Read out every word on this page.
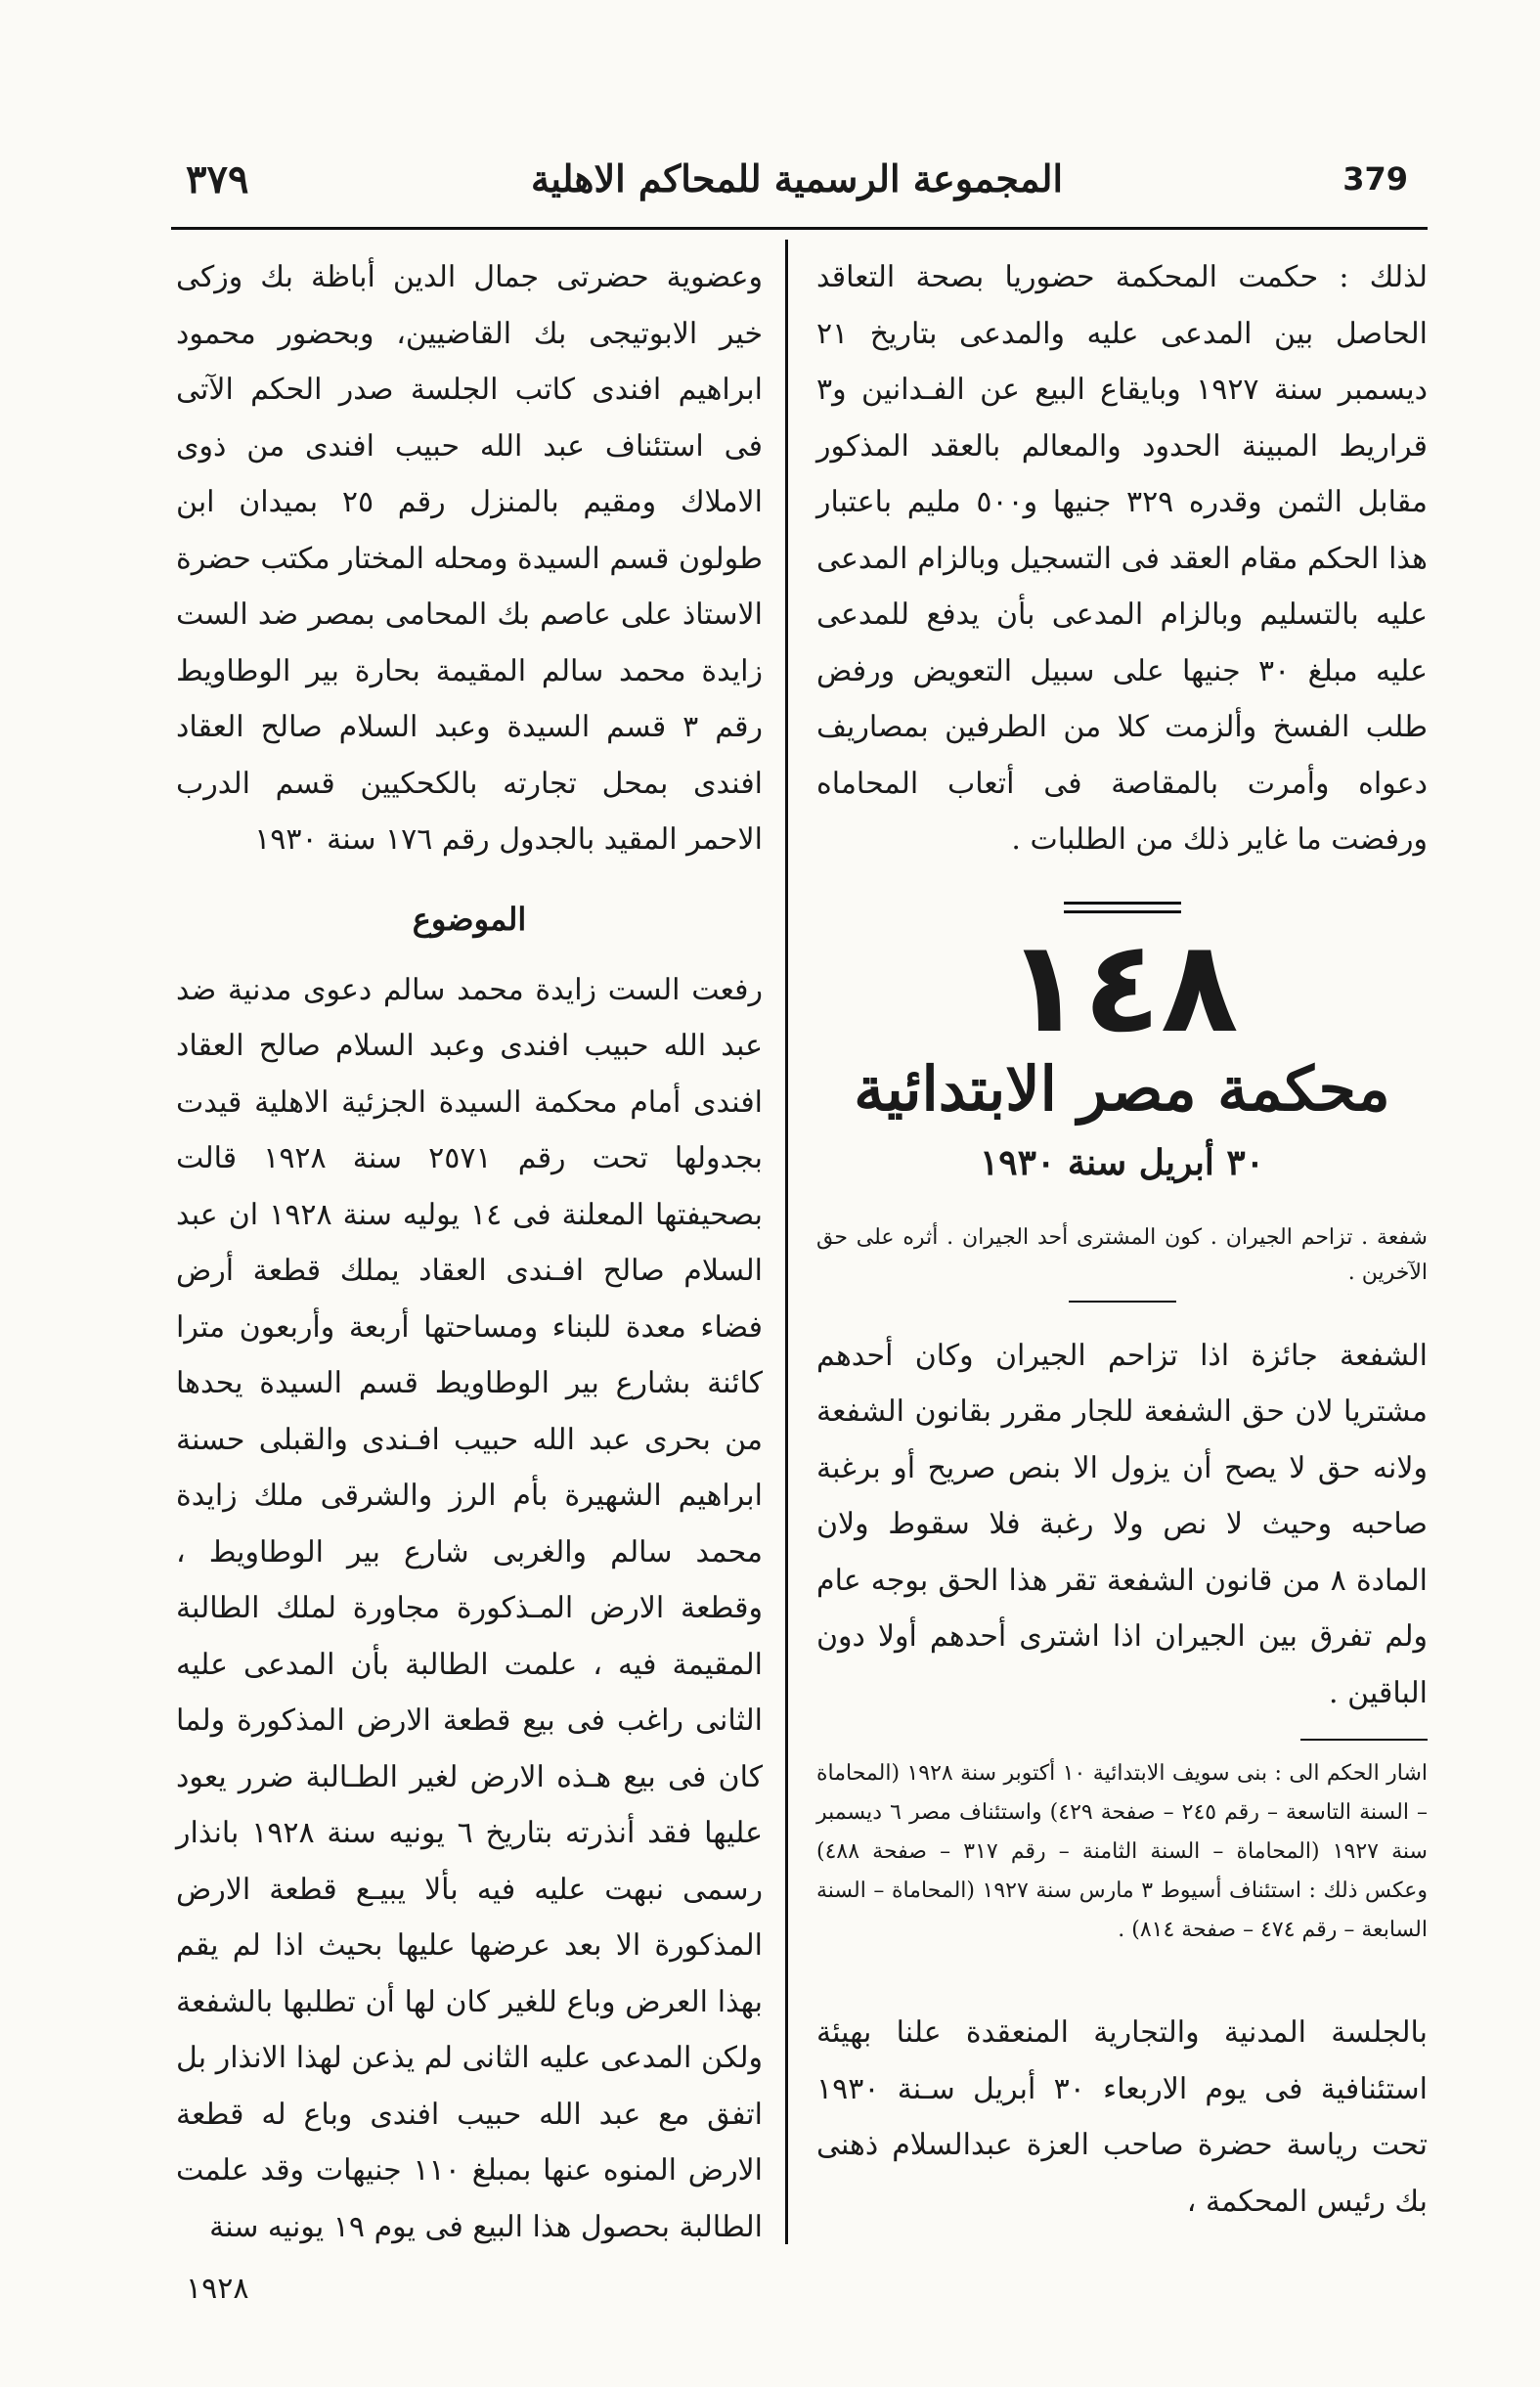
٣٧٩	المجموعة الرسمية للمحاكم الاهلية	379

لذلك : حكمت المحكمة حضوريا بصحة التعاقد الحاصل بين المدعى عليه والمدعى بتاريخ ٢١ ديسمبر سنة ١٩٢٧ وبايقاع البيع عن الفـدانين و٣ قراريط المبينة الحدود والمعالم بالعقد المذكور مقابل الثمن وقدره ٣٢٩ جنيها و٥٠٠ مليم باعتبار هذا الحكم مقام العقد فى التسجيل وبالزام المدعى عليه بالتسليم وبالزام المدعى بأن يدفع للمدعى عليه مبلغ ٣٠ جنيها على سبيل التعويض ورفض طلب الفسخ وألزمت كلا من الطرفين بمصاريف دعواه وأمرت بالمقاصة فى أتعاب المحاماه ورفضت ما غاير ذلك من الطلبات .

١٤٨
محكمة مصر الابتدائية
٣٠ أبريل سنة ١٩٣٠

شفعة . تزاحم الجيران . كون المشترى أحد الجيران . أثره على حق الآخرين .

الشفعة جائزة اذا تزاحم الجيران وكان أحدهم مشتريا لان حق الشفعة للجار مقرر بقانون الشفعة ولانه حق لا يصح أن يزول الا بنص صريح أو برغبة صاحبه وحيث لا نص ولا رغبة فلا سقوط ولان المادة ٨ من قانون الشفعة تقر هذا الحق بوجه عام ولم تفرق بين الجيران اذا اشترى أحدهم أولا دون الباقين .

اشار الحكم الى : بنى سويف الابتدائية ١٠ أكتوبر سنة ١٩٢٨ (المحاماة – السنة التاسعة – رقم ٢٤٥ – صفحة ٤٢٩) واستئناف مصر ٦ ديسمبر سنة ١٩٢٧ (المحاماة – السنة الثامنة – رقم ٣١٧ – صفحة ٤٨٨) وعكس ذلك : استئناف أسيوط ٣ مارس سنة ١٩٢٧ (المحاماة – السنة السابعة – رقم ٤٧٤ – صفحة ٨١٤) .

بالجلسة المدنية والتجارية المنعقدة علنا بهيئة استئنافية فى يوم الاربعاء ٣٠ أبريل سـنة ١٩٣٠ تحت رياسة حضرة صاحب العزة عبدالسلام ذهنى بك رئيس المحكمة ،

وعضوية حضرتى جمال الدين أباظة بك وزكى خير الابوتيجى بك القاضيين، وبحضور محمود ابراهيم افندى كاتب الجلسة صدر الحكم الآتى فى استئناف عبد الله حبيب افندى من ذوى الاملاك ومقيم بالمنزل رقم ٢٥ بميدان ابن طولون قسم السيدة ومحله المختار مكتب حضرة الاستاذ على عاصم بك المحامى بمصر ضد الست زايدة محمد سالم المقيمة بحارة بير الوطاويط رقم ٣ قسم السيدة وعبد السلام صالح العقاد افندى بمحل تجارته بالكحكيين قسم الدرب الاحمر المقيد بالجدول رقم ١٧٦ سنة ١٩٣٠

الموضوع

رفعت الست زايدة محمد سالم دعوى مدنية ضد عبد الله حبيب افندى وعبد السلام صالح العقاد افندى أمام محكمة السيدة الجزئية الاهلية قيدت بجدولها تحت رقم ٢٥٧١ سنة ١٩٢٨ قالت بصحيفتها المعلنة فى ١٤ يوليه سنة ١٩٢٨ ان عبد السلام صالح افـندى العقاد يملك قطعة أرض فضاء معدة للبناء ومساحتها أربعة وأربعون مترا كائنة بشارع بير الوطاويط قسم السيدة يحدها من بحرى عبد الله حبيب افـندى والقبلى حسنة ابراهيم الشهيرة بأم الرز والشرقى ملك زايدة محمد سالم والغربى شارع بير الوطاويط ، وقطعة الارض المـذكورة مجاورة لملك الطالبة المقيمة فيه ، علمت الطالبة بأن المدعى عليه الثانى راغب فى بيع قطعة الارض المذكورة ولما كان فى بيع هـذه الارض لغير الطـالبة ضرر يعود عليها فقد أنذرته بتاريخ ٦ يونيه سنة ١٩٢٨ بانذار رسمى نبهت عليه فيه بألا يبيـع قطعة الارض المذكورة الا بعد عرضها عليها بحيث اذا لم يقم بهذا العرض وباع للغير كان لها أن تطلبها بالشفعة ولكن المدعى عليه الثانى لم يذعن لهذا الانذار بل اتفق مع عبد الله حبيب افندى وباع له قطعة الارض المنوه عنها بمبلغ ١١٠ جنيهات وقد علمت الطالبة بحصول هذا البيع فى يوم ١٩ يونيه سنة

١٩٢٨
